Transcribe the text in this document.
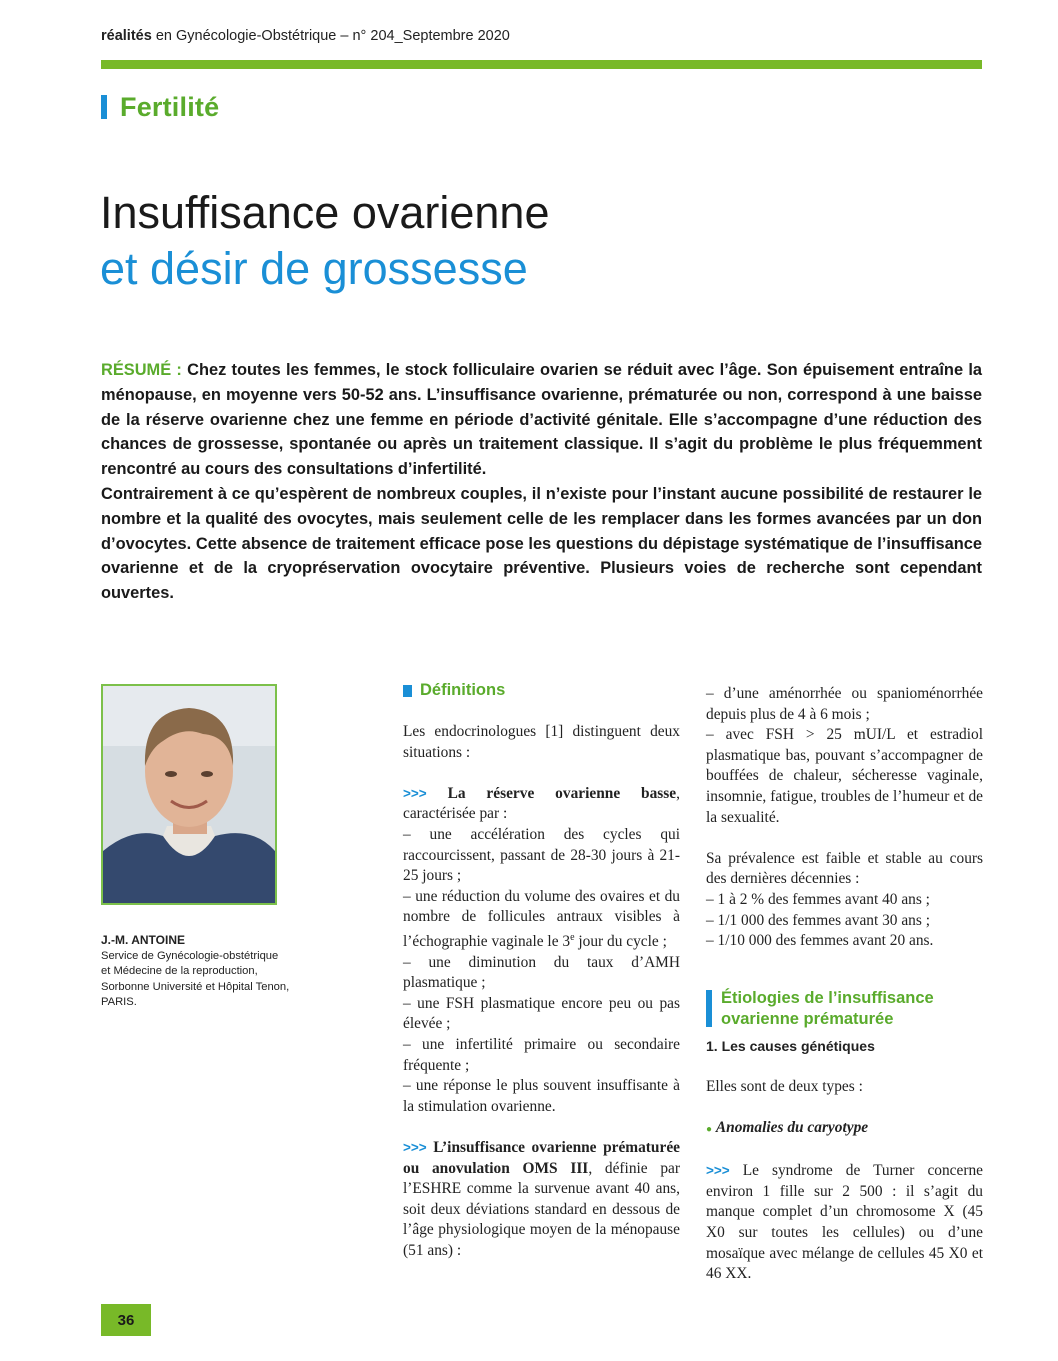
réalités en Gynécologie-Obstétrique – n° 204_Septembre 2020
Fertilité
Insuffisance ovarienne
et désir de grossesse

RÉSUMÉ : Chez toutes les femmes, le stock folliculaire ovarien se réduit avec l’âge. Son épuisement entraîne la ménopause, en moyenne vers 50-52 ans. L’insuffisance ovarienne, prématurée ou non, correspond à une baisse de la réserve ovarienne chez une femme en période d’activité génitale. Elle s’accompagne d’une réduction des chances de grossesse, spontanée ou après un traitement classique. Il s’agit du problème le plus fréquemment rencontré au cours des consultations d’infertilité.

Contrairement à ce qu’espèrent de nombreux couples, il n’existe pour l’instant aucune possibilité de restaurer le nombre et la qualité des ovocytes, mais seulement celle de les remplacer dans les formes avancées par un don d’ovocytes. Cette absence de traitement efficace pose les questions du dépistage systématique de l’insuffisance ovarienne et de la cryopréservation ovocytaire préventive. Plusieurs voies de recherche sont cependant ouvertes.

J.-M. ANTOINE
Service de Gynécologie-obstétrique
et Médecine de la reproduction,
Sorbonne Université et Hôpital Tenon,
PARIS.
Définitions

Les endocrinologues [1] distinguent deux situations :

>>> La réserve ovarienne basse, caractérisée par :

– une accélération des cycles qui raccourcissent, passant de 28-30 jours à 21-25 jours ;

– une réduction du volume des ovaires et du nombre de follicules antraux visibles à l’échographie vaginale le 3e jour du cycle ;

– une diminution du taux d’AMH plasmatique ;

– une FSH plasmatique encore peu ou pas élevée ;

– une infertilité primaire ou secondaire fréquente ;

– une réponse le plus souvent insuffisante à la stimulation ovarienne.

>>> L’insuffisance ovarienne prématurée ou anovulation OMS III, définie par l’ESHRE comme la survenue avant 40 ans, soit deux déviations standard en dessous de l’âge physiologique moyen de la ménopause (51 ans) :

– d’une aménorrhée ou spanioménorrhée depuis plus de 4 à 6 mois ;

– avec FSH > 25 mUI/L et estradiol plasmatique bas, pouvant s’accompagner de bouffées de chaleur, sécheresse vaginale, insomnie, fatigue, troubles de l’humeur et de la sexualité.

Sa prévalence est faible et stable au cours des dernières décennies :

– 1 à 2 % des femmes avant 40 ans ;

– 1/1 000 des femmes avant 30 ans ;

– 1/10 000 des femmes avant 20 ans.

1. Les causes génétiques

Elles sont de deux types :

● Anomalies du caryotype

>>> Le syndrome de Turner concerne environ 1 fille sur 2 500 : il s’agit du manque complet d’un chromosome X (45 X0 sur toutes les cellules) ou d’une mosaïque avec mélange de cellules 45 X0 et 46 XX.

Étiologies de l’insuffisance
ovarienne prématurée
36
